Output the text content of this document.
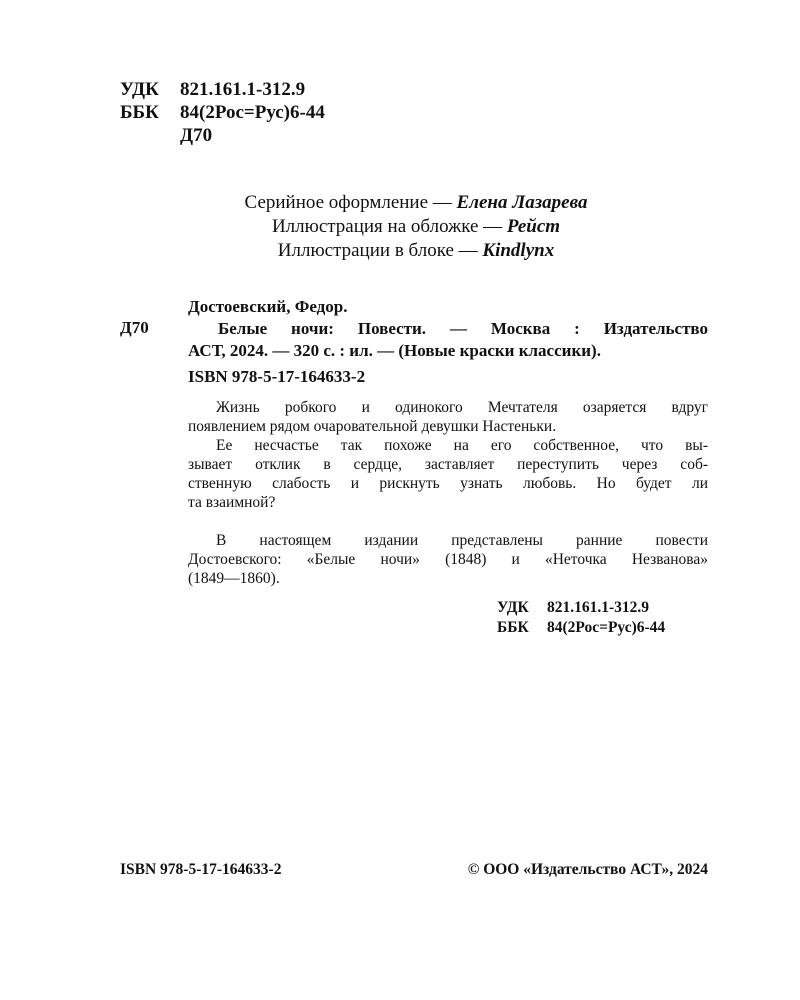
УДК 821.161.1-312.9
ББК 84(2Рос=Рус)6-44
Д70
Серийное оформление — Елена Лазарева
Иллюстрация на обложке — Рейст
Иллюстрации в блоке — Kindlynx
Достоевский, Федор.
Д70	Белые ночи: Повести. — Москва : Издательство
АСТ, 2024. — 320 с. : ил. — (Новые краски классики).
ISBN 978-5-17-164633-2
Жизнь робкого и одинокого Мечтателя озаряется вдруг
появлением рядом очаровательной девушки Настеньки.
Ее несчастье так похоже на его собственное, что вы-
зывает отклик в сердце, заставляет переступить через соб-
ственную слабость и рискнуть узнать любовь. Но будет ли
та взаимной?
В настоящем издании представлены ранние повести
Достоевского: «Белые ночи» (1848) и «Неточка Незванова»
(1849—1860).
УДК 821.161.1-312.9
ББК 84(2Рос=Рус)6-44
ISBN 978-5-17-164633-2	© ООО «Издательство АСТ», 2024
